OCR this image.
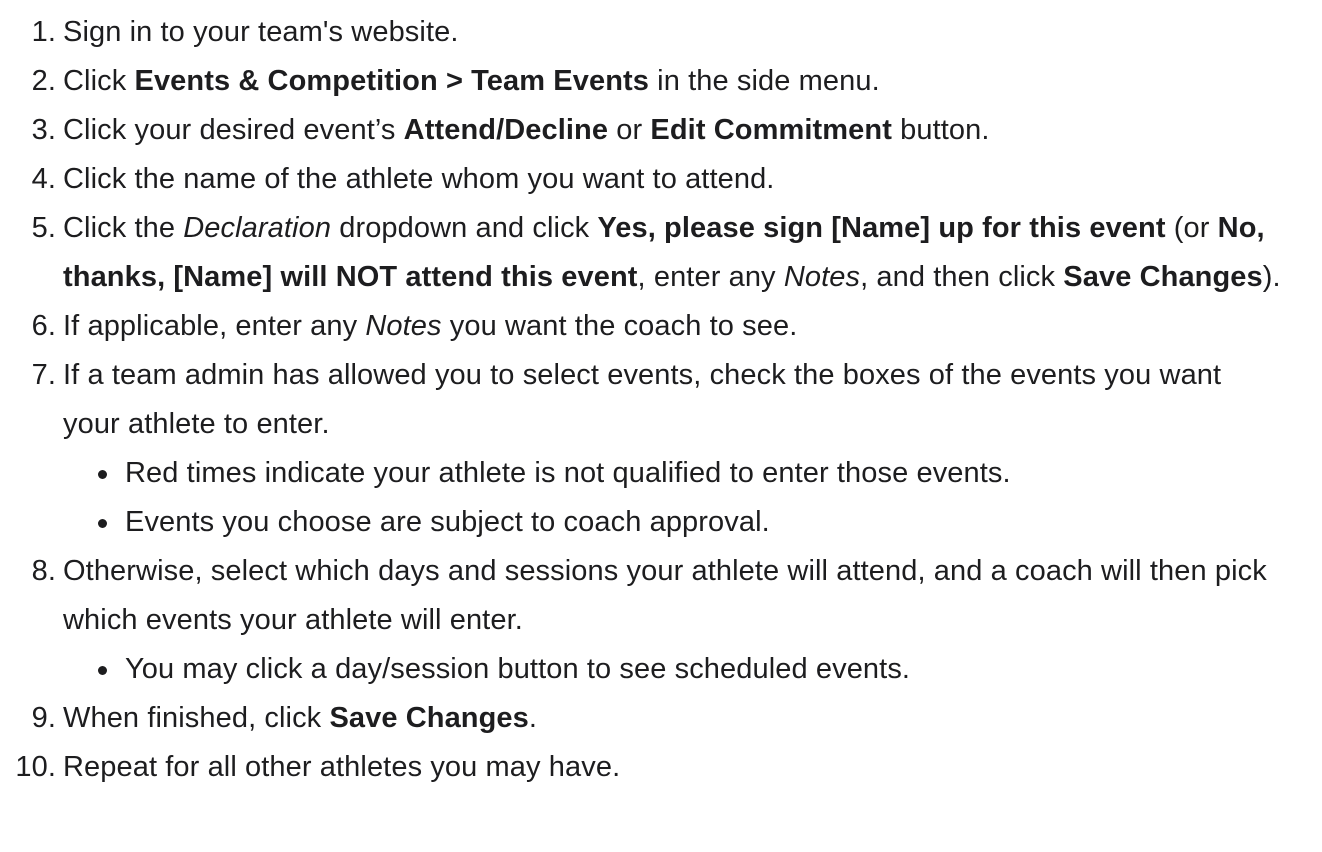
1. Sign in to your team's website.
2. Click Events & Competition > Team Events in the side menu.
3. Click your desired event’s Attend/Decline or Edit Commitment button.
4. Click the name of the athlete whom you want to attend.
5. Click the Declaration dropdown and click Yes, please sign [Name] up for this event (or No, thanks, [Name] will NOT attend this event, enter any Notes, and then click Save Changes).
6. If applicable, enter any Notes you want the coach to see.
7. If a team admin has allowed you to select events, check the boxes of the events you want your athlete to enter.
Red times indicate your athlete is not qualified to enter those events.
Events you choose are subject to coach approval.
8. Otherwise, select which days and sessions your athlete will attend, and a coach will then pick which events your athlete will enter.
You may click a day/session button to see scheduled events.
9. When finished, click Save Changes.
10. Repeat for all other athletes you may have.
